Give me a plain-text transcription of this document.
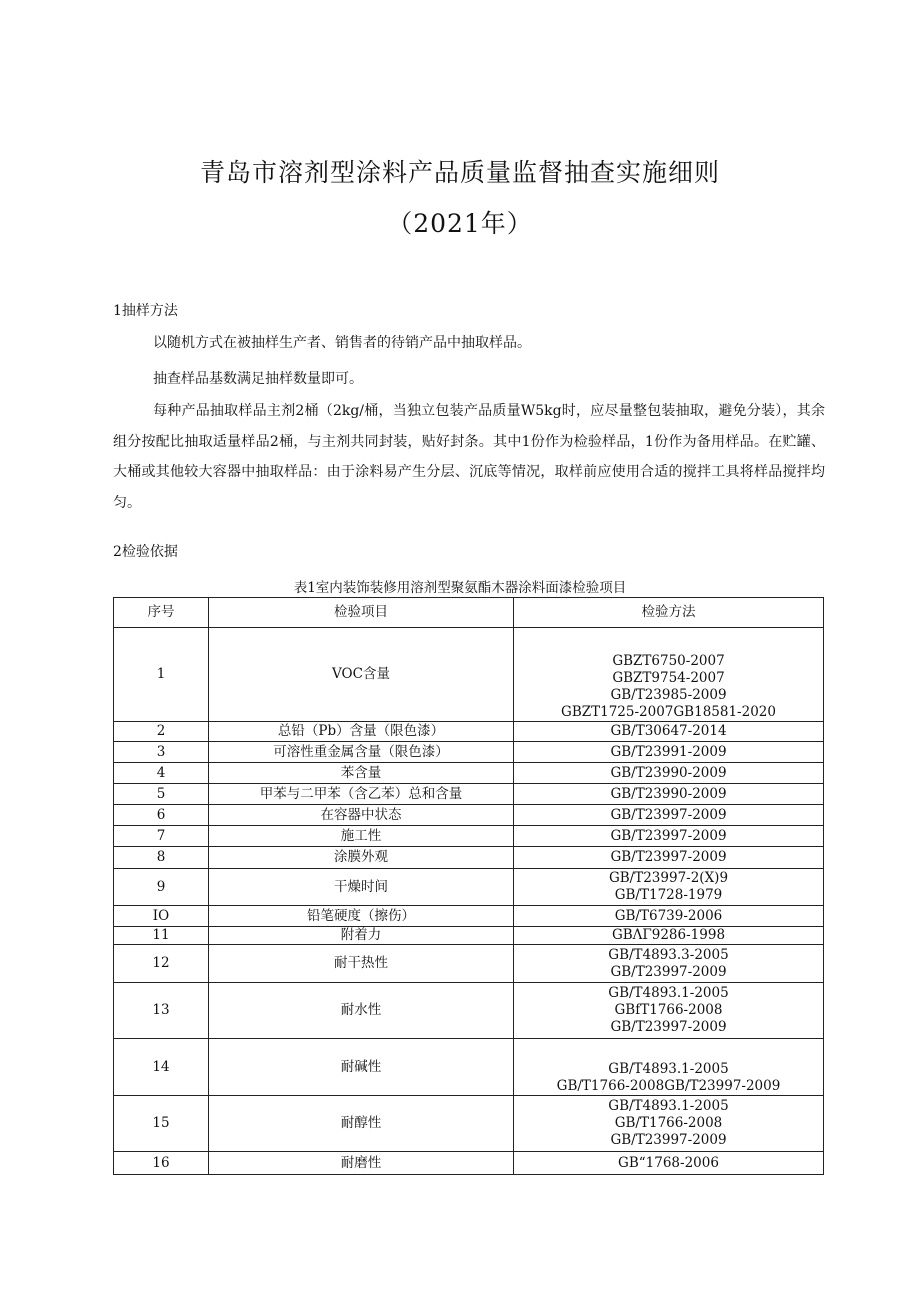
青岛市溶剂型涂料产品质量监督抽查实施细则
（2021年）
1抽样方法
以随机方式在被抽样生产者、销售者的待销产品中抽取样品。
抽查样品基数满足抽样数量即可。
每种产品抽取样品主剂2桶（2kg/桶，当独立包装产品质量W5kg时，应尽量整包装抽取，避免分装），其余组分按配比抽取适量样品2桶，与主剂共同封装，贴好封条。其中1份作为检验样品，1份作为备用样品。在贮罐、大桶或其他较大容器中抽取样品：由于涂料易产生分层、沉底等情况，取样前应使用合适的搅拌工具将样品搅拌均匀。
2检验依据
表1室内装饰装修用溶剂型聚氨酯木器涂料面漆检验项目
序号	检验项目	检验方法
1	VOC含量	GBZT6750-2007
GBZT9754-2007
GB/T23985-2009
GBZT1725-2007GB18581-2020

2	总铅（Pb）含量（限色漆）	GB/T30647-2014

3	可溶性重金属含量（限色漆）	GB/T23991-2009

4	苯含量	GB/T23990-2009

5	甲苯与二甲苯（含乙苯）总和含量	GB/T23990-2009

6	在容器中状态	GB/T23997-2009

7	施工性	GB/T23997-2009

8	涂膜外观	GB/T23997-2009

9	干燥时间	GB/T23997-2(X)9
GB/T1728-1979

IO	铅笔硬度（擦伤）	GB/T6739-2006

11	附着力	GBΛΓ9286-1998

12	耐干热性	GB/T4893.3-2005
GB/T23997-2009

13	耐水性	GB/T4893.1-2005
GBfT1766-2008
GB/T23997-2009

14	耐碱性	GB/T4893.1-2005
GB/T1766-2008GB/T23997-2009

15	耐醇性	GB/T4893.1-2005
GB/T1766-2008
GB/T23997-2009

16	耐磨性	GB“1768-2006
